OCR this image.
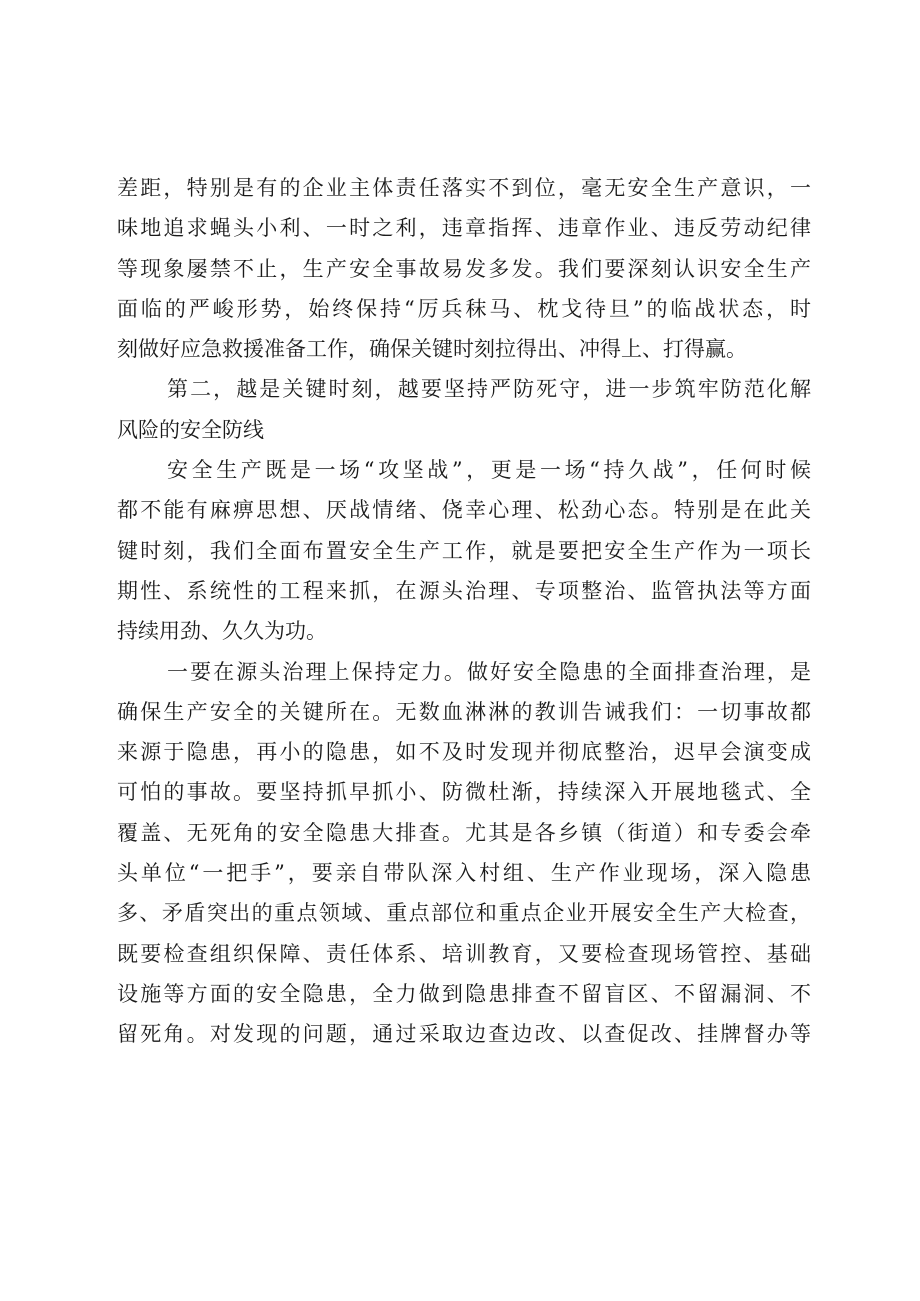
差距，特别是有的企业主体责任落实不到位，毫无安全生产意识，一
味地追求蝇头小利、一时之利，违章指挥、违章作业、违反劳动纪律
等现象屡禁不止，生产安全事故易发多发。我们要深刻认识安全生产
面临的严峻形势，始终保持“厉兵秣马、枕戈待旦”的临战状态，时
刻做好应急救援准备工作，确保关键时刻拉得出、冲得上、打得赢。
第二，越是关键时刻，越要坚持严防死守，进一步筑牢防范化解
风险的安全防线
安全生产既是一场“攻坚战”，更是一场“持久战”，任何时候
都不能有麻痹思想、厌战情绪、侥幸心理、松劲心态。特别是在此关
键时刻，我们全面布置安全生产工作，就是要把安全生产作为一项长
期性、系统性的工程来抓，在源头治理、专项整治、监管执法等方面
持续用劲、久久为功。
一要在源头治理上保持定力。做好安全隐患的全面排查治理，是
确保生产安全的关键所在。无数血淋淋的教训告诫我们：一切事故都
来源于隐患，再小的隐患，如不及时发现并彻底整治，迟早会演变成
可怕的事故。要坚持抓早抓小、防微杜渐，持续深入开展地毯式、全
覆盖、无死角的安全隐患大排查。尤其是各乡镇（街道）和专委会牵
头单位“一把手”，要亲自带队深入村组、生产作业现场，深入隐患
多、矛盾突出的重点领域、重点部位和重点企业开展安全生产大检查，
既要检查组织保障、责任体系、培训教育，又要检查现场管控、基础
设施等方面的安全隐患，全力做到隐患排查不留盲区、不留漏洞、不
留死角。对发现的问题，通过采取边查边改、以查促改、挂牌督办等
